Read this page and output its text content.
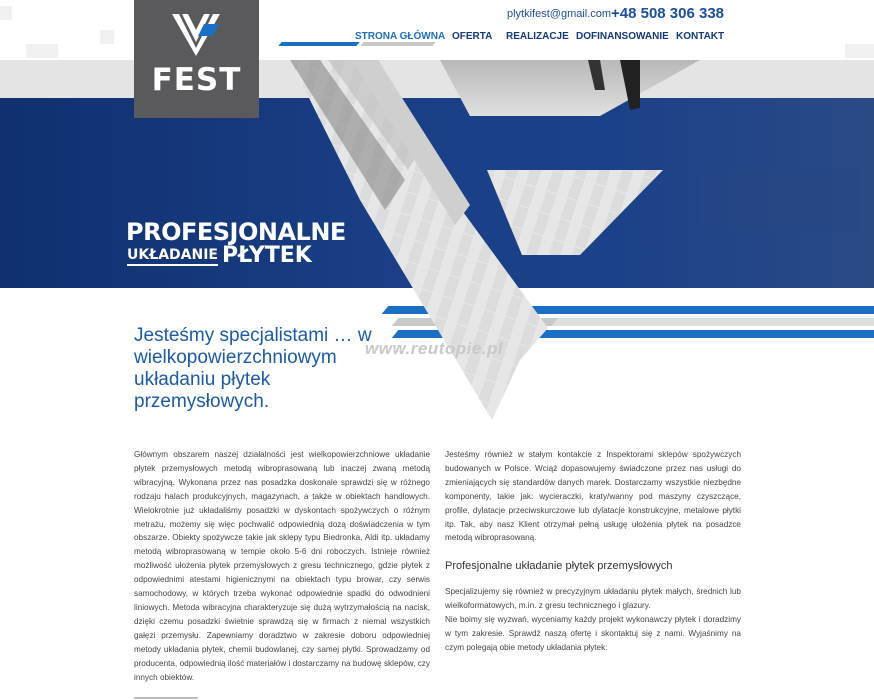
FEST
plytkifest@gmail.com +48 508 306 338
STRONA GŁÓWNA OFERTA REALIZACJE DOFINANSOWANIE KONTAKT
PROFESJONALNE
UKŁADANIE PŁYTEK
Jesteśmy specjalistami … w wielkopowierzchniowym układaniu płytek przemysłowych.
www.reutopie.pl

Głównym obszarem naszej działalności jest wielkopowierzchniowe układanie płytek przemysłowych metodą wibroprasowaną lub inaczej zwaną metodą wibracyjną. Wykonana przez nas posadzka doskonale sprawdzi się w różnego rodzaju halach produkcyjnych, magazynach, a także w obiektach handlowych. Wielokrotnie już układaliśmy posadzki w dyskontach spożywczych o różnym metrażu, możemy się więc pochwalić odpowiednią dozą doświadczenia w tym obszarze. Obiekty spożywcze takie jak sklepy typu Biedronka, Aldi itp. układamy metodą wibroprasowaną w tempie około 5-6 dni roboczych. Istnieje również możliwość ułożenia płytek przemysłowych z gresu technicznego, gdzie płytek z odpowiednimi atestami higienicznymi na obiektach typu browar, czy serwis samochodowy, w których trzeba wykonać odpowiednie spadki do odwodnieni liniowych. Metoda wibracyjna charakteryzuje się dużą wytrzymałością na nacisk, dzięki czemu posadzki świetnie sprawdzą się w firmach z niemal wszystkich gałęzi przemysłu. Zapewniamy doradztwo w zakresie doboru odpowiedniej metody układania płytek, chemii budowlanej, czy samej płytki. Sprowadzamy od producenta, odpowiednią ilość materiałów i dostarczamy na budowę sklepów, czy innych obiektów.

Jesteśmy również w stałym kontakcie z Inspektorami sklepów spożywczych budowanych w Polsce. Wciąż dopasowujemy świadczone przez nas usługi do zmieniających się standardów danych marek. Dostarczamy wszystkie niezbędne komponenty, takie jak: wycieraczki, kraty/wanny pod maszyny czyszczące, profile, dylatacje przeciwskurczowe lub dylatacje konstrukcyjne, metalowe płytki itp. Tak, aby nasz Klient otrzymał pełną usługę ułożenia płytek na posadzce metodą wibroprasowaną.

Profesjonalne układanie płytek przemysłowych

Specjalizujemy się również w precyzyjnym układaniu płytek małych, średnich lub wielkoformatowych, m.in. z gresu technicznego i glazury.

Nie boimy się wyzwań, wyceniamy każdy projekt wykonawczy płytek i doradzimy w tym zakresie. Sprawdź naszą ofertę i skontaktuj się z nami. Wyjaśnimy na czym polegają obie metody układania płytek:
